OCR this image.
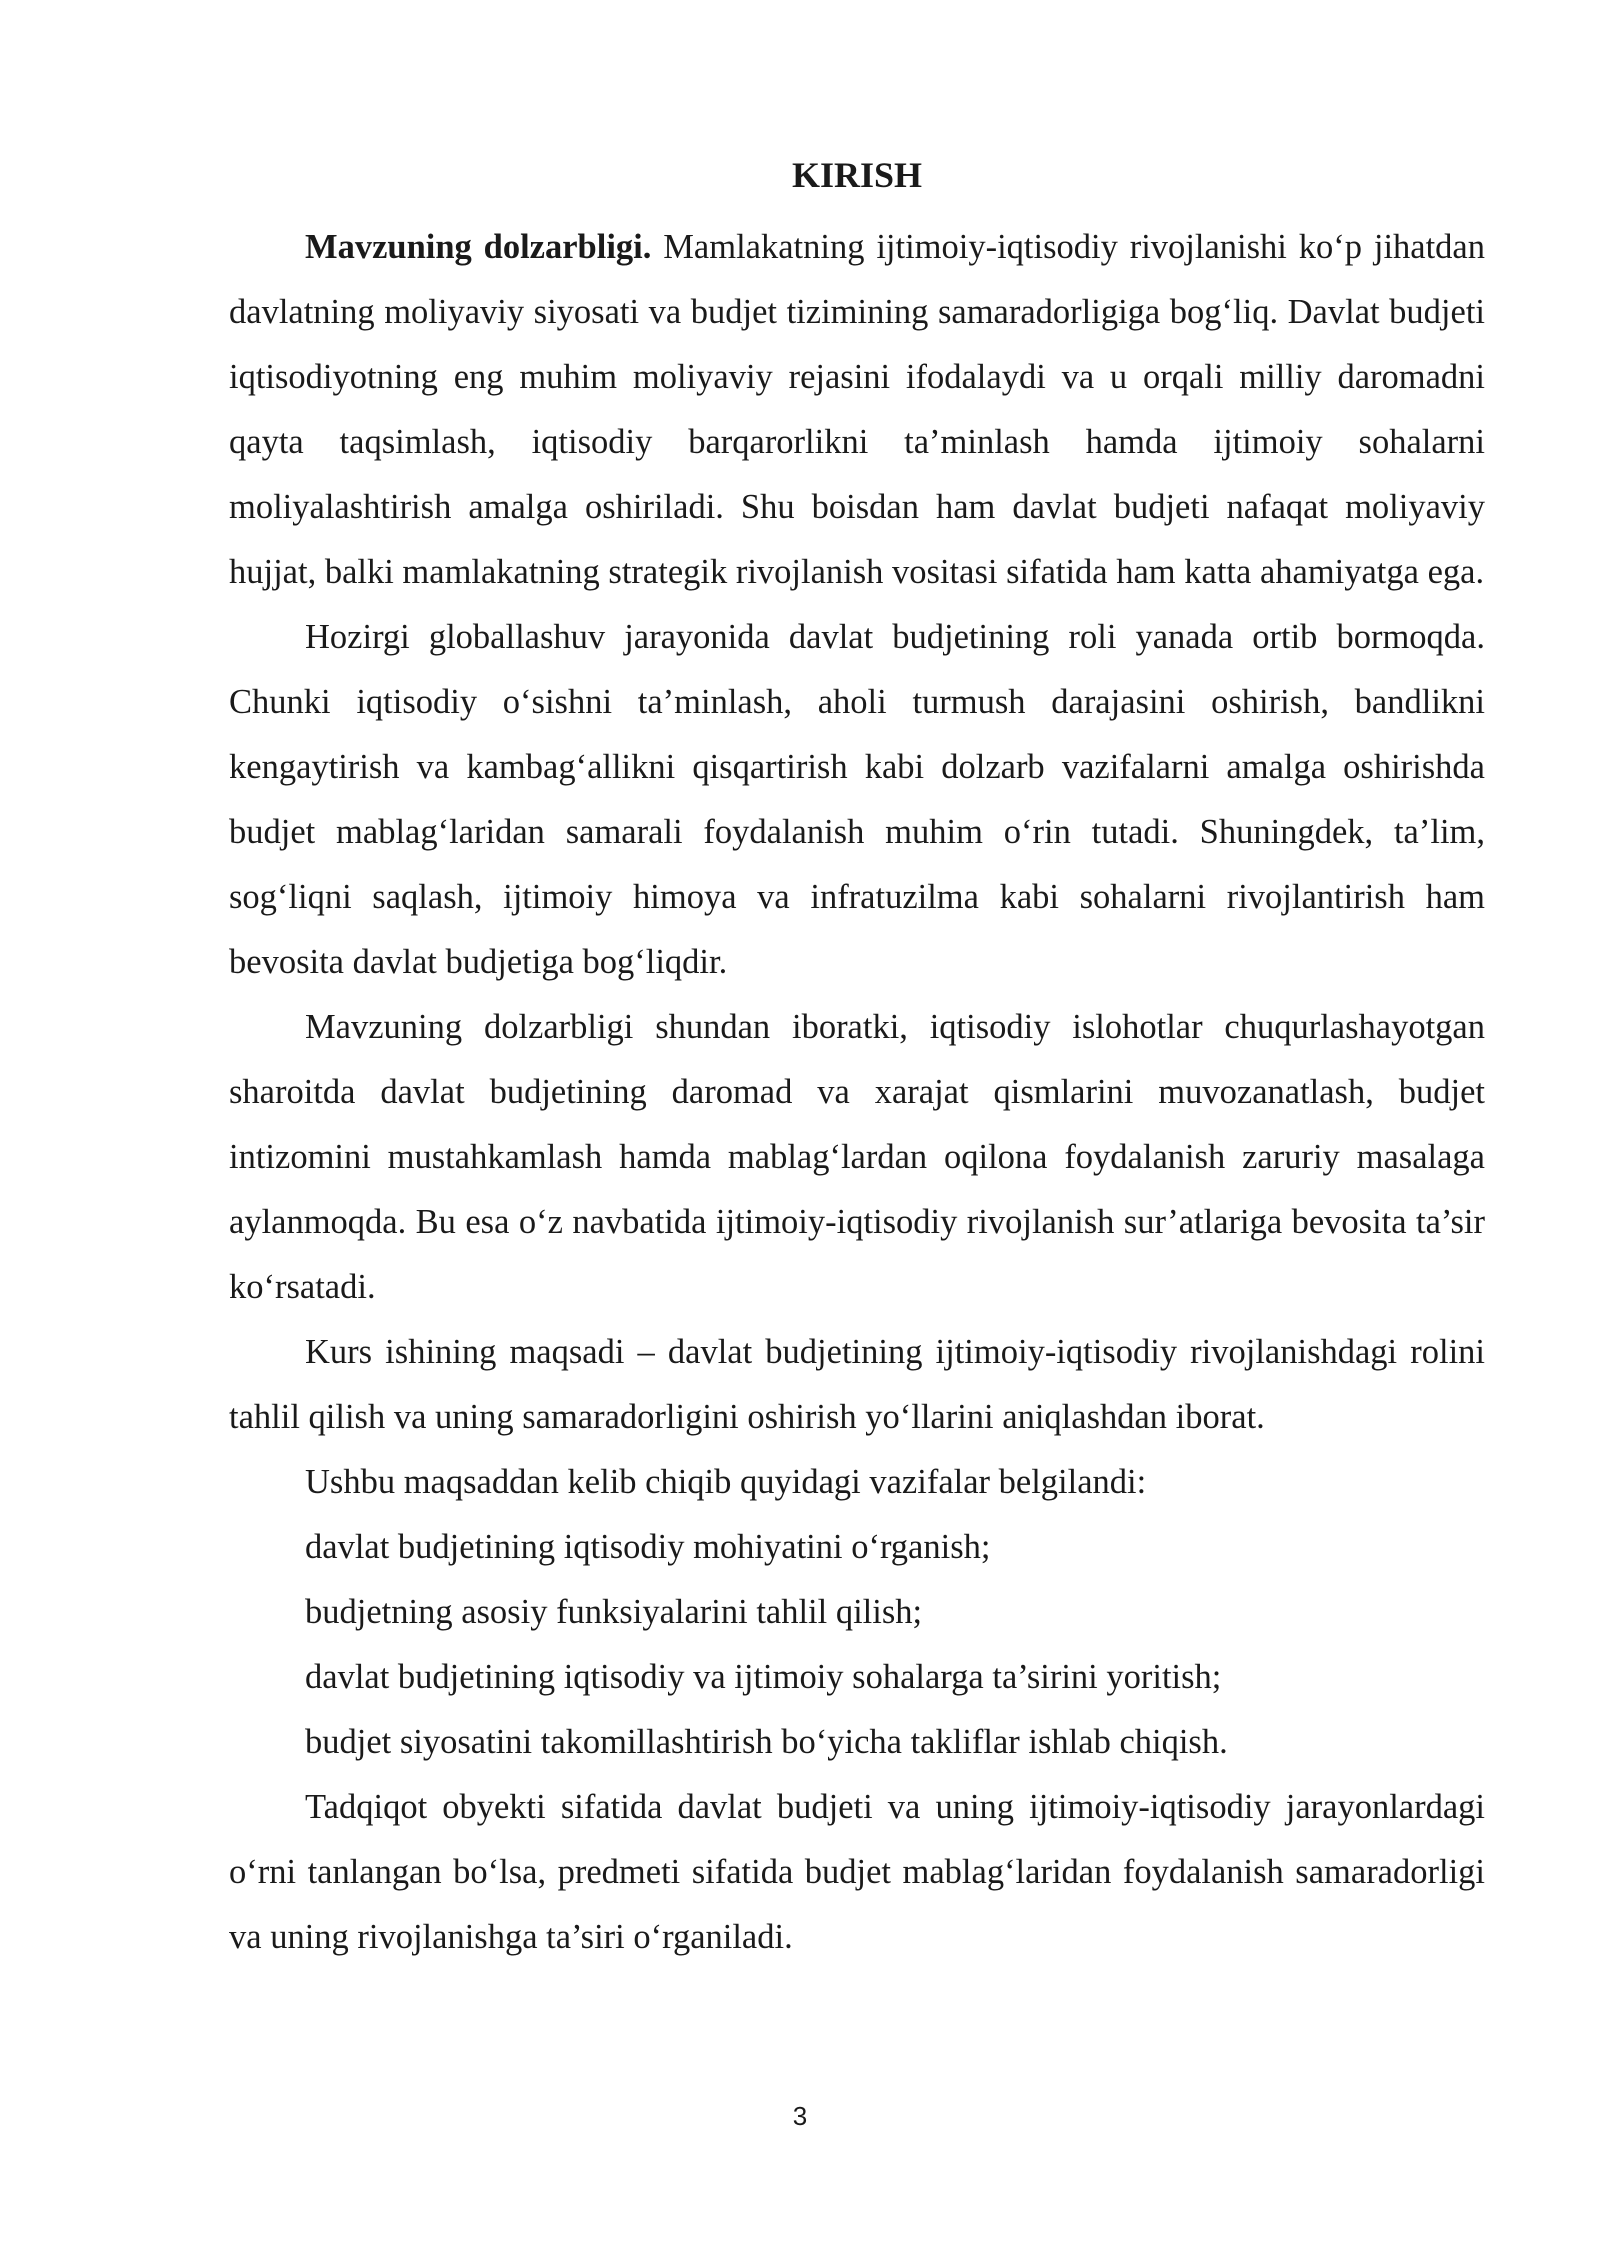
KIRISH

Mavzuning dolzarbligi. Mamlakatning ijtimoiy-iqtisodiy rivojlanishi ko‘p jihatdan davlatning moliyaviy siyosati va budjet tizimining samaradorligiga bog‘liq. Davlat budjeti iqtisodiyotning eng muhim moliyaviy rejasini ifodalaydi va u orqali milliy daromadni qayta taqsimlash, iqtisodiy barqarorlikni ta’minlash hamda ijtimoiy sohalarni moliyalashtirish amalga oshiriladi. Shu boisdan ham davlat budjeti nafaqat moliyaviy hujjat, balki mamlakatning strategik rivojlanish vositasi sifatida ham katta ahamiyatga ega.

Hozirgi globallashuv jarayonida davlat budjetining roli yanada ortib bormoqda. Chunki iqtisodiy o‘sishni ta’minlash, aholi turmush darajasini oshirish, bandlikni kengaytirish va kambag‘allikni qisqartirish kabi dolzarb vazifalarni amalga oshirishda budjet mablag‘laridan samarali foydalanish muhim o‘rin tutadi. Shuningdek, ta’lim, sog‘liqni saqlash, ijtimoiy himoya va infratuzilma kabi sohalarni rivojlantirish ham bevosita davlat budjetiga bog‘liqdir.

Mavzuning dolzarbligi shundan iboratki, iqtisodiy islohotlar chuqurlashayotgan sharoitda davlat budjetining daromad va xarajat qismlarini muvozanatlash, budjet intizomini mustahkamlash hamda mablag‘lardan oqilona foydalanish zaruriy masalaga aylanmoqda. Bu esa o‘z navbatida ijtimoiy-iqtisodiy rivojlanish sur’atlariga bevosita ta’sir ko‘rsatadi.

Kurs ishining maqsadi – davlat budjetining ijtimoiy-iqtisodiy rivojlanishdagi rolini tahlil qilish va uning samaradorligini oshirish yo‘llarini aniqlashdan iborat.

Ushbu maqsaddan kelib chiqib quyidagi vazifalar belgilandi:

davlat budjetining iqtisodiy mohiyatini o‘rganish;

budjetning asosiy funksiyalarini tahlil qilish;

davlat budjetining iqtisodiy va ijtimoiy sohalarga ta’sirini yoritish;

budjet siyosatini takomillashtirish bo‘yicha takliflar ishlab chiqish.

Tadqiqot obyekti sifatida davlat budjeti va uning ijtimoiy-iqtisodiy jarayonlardagi o‘rni tanlangan bo‘lsa, predmeti sifatida budjet mablag‘laridan foydalanish samaradorligi va uning rivojlanishga ta’siri o‘rganiladi.

3
